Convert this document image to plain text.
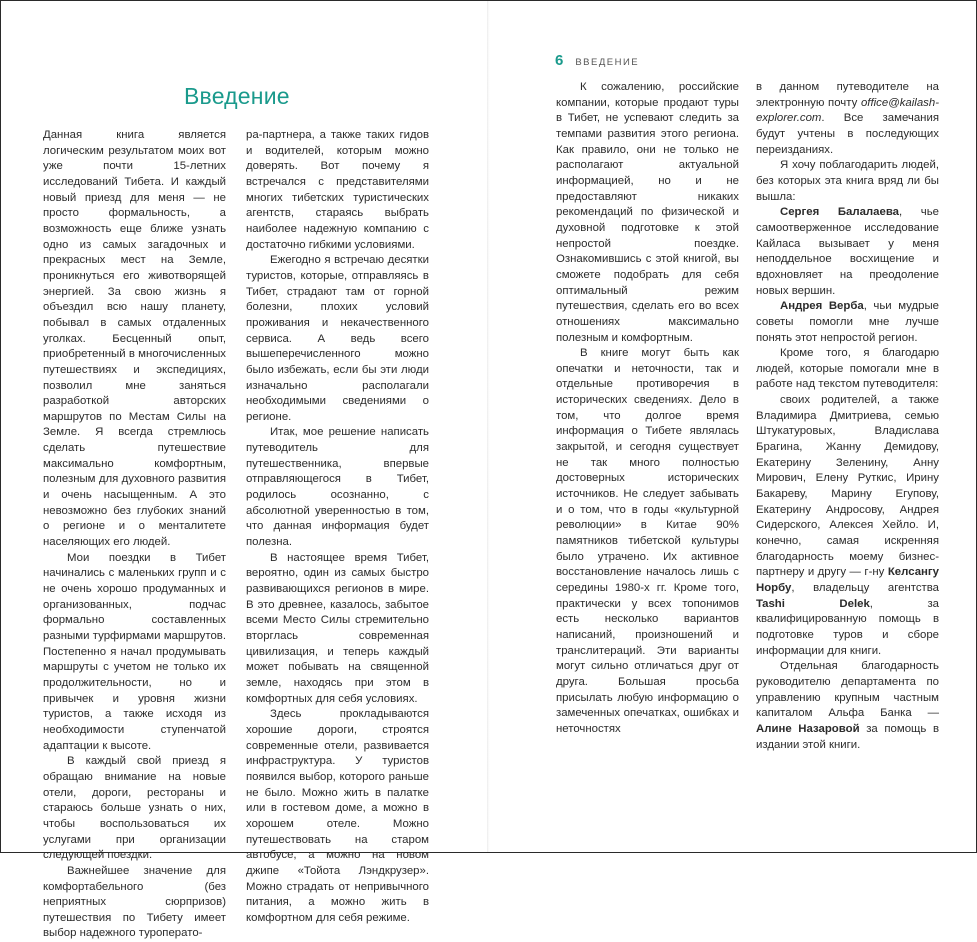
Введение

Данная книга является логическим результатом моих вот уже почти 15-летних исследований Тибета. И каждый новый приезд для меня — не просто формальность, а возможность еще ближе узнать одно из самых загадочных и прекрасных мест на Земле, проникнуться его животворящей энергией. За свою жизнь я объездил всю нашу планету, побывал в самых отдаленных уголках. Бесценный опыт, приобретенный в многочисленных путешествиях и экспедициях, позволил мне заняться разработкой авторских маршрутов по Местам Силы на Земле. Я всегда стремлюсь сделать путешествие максимально комфортным, полезным для духовного развития и очень насыщенным. А это невозможно без глубоких знаний о регионе и о менталитете населяющих его людей.

Мои поездки в Тибет начинались с маленьких групп и с не очень хорошо продуманных и организованных, подчас формально составленных разными турфирмами маршрутов. Постепенно я начал продумывать маршруты с учетом не только их продолжительности, но и привычек и уровня жизни туристов, а также исходя из необходимости ступенчатой адаптации к высоте.

В каждый свой приезд я обращаю внимание на новые отели, дороги, рестораны и стараюсь больше узнать о них, чтобы воспользоваться их услугами при организации следующей поездки.

Важнейшее значение для комфортабельного (без неприятных сюрпризов) путешествия по Тибету имеет выбор надежного туроперато-

ра-партнера, а также таких гидов и водителей, которым можно доверять. Вот почему я встречался с представителями многих тибетских туристических агентств, стараясь выбрать наиболее надежную компанию с достаточно гибкими условиями.

Ежегодно я встречаю десятки туристов, которые, отправляясь в Тибет, страдают там от горной болезни, плохих условий проживания и некачественного сервиса. А ведь всего вышеперечисленного можно было избежать, если бы эти люди изначально располагали необходимыми сведениями о регионе.

Итак, мое решение написать путеводитель для путешественника, впервые отправляющегося в Тибет, родилось осознанно, с абсолютной уверенностью в том, что данная информация будет полезна.

В настоящее время Тибет, вероятно, один из самых быстро развивающихся регионов в мире. В это древнее, казалось, забытое всеми Место Силы стремительно вторглась современная цивилизация, и теперь каждый может побывать на священной земле, находясь при этом в комфортных для себя условиях.

Здесь прокладываются хорошие дороги, строятся современные отели, развивается инфраструктура. У туристов появился выбор, которого раньше не было. Можно жить в палатке или в гостевом доме, а можно в хорошем отеле. Можно путешествовать на старом автобусе, а можно на новом джипе «Тойота Лэндкрузер». Можно страдать от непривычного питания, а можно жить в комфортном для себя режиме.

6 ВВЕДЕНИЕ

К сожалению, российские компании, которые продают туры в Тибет, не успевают следить за темпами развития этого региона. Как правило, они не только не располагают актуальной информацией, но и не предоставляют никаких рекомендаций по физической и духовной подготовке к этой непростой поездке. Ознакомившись с этой книгой, вы сможете подобрать для себя оптимальный режим путешествия, сделать его во всех отношениях максимально полезным и комфортным.

В книге могут быть как опечатки и неточности, так и отдельные противоречия в исторических сведениях. Дело в том, что долгое время информация о Тибете являлась закрытой, и сегодня существует не так много полностью достоверных исторических источников. Не следует забывать и о том, что в годы «культурной революции» в Китае 90% памятников тибетской культуры было утрачено. Их активное восстановление началось лишь с середины 1980-х гг. Кроме того, практически у всех топонимов есть несколько вариантов написаний, произношений и транслитераций. Эти варианты могут сильно отличаться друг от друга. Большая просьба присылать любую информацию о замеченных опечатках, ошибках и неточностях

в данном путеводителе на электронную почту office@kailash-explorer.com. Все замечания будут учтены в последующих переизданиях.

Я хочу поблагодарить людей, без которых эта книга вряд ли бы вышла:

Сергея Балалаева, чье самоотверженное исследование Кайласа вызывает у меня неподдельное восхищение и вдохновляет на преодоление новых вершин.

Андрея Верба, чьи мудрые советы помогли мне лучше понять этот непростой регион.

Кроме того, я благодарю людей, которые помогали мне в работе над текстом путеводителя:

своих родителей, а также Владимира Дмитриева, семью Штукатуровых, Владислава Брагина, Жанну Демидову, Екатерину Зеленину, Анну Мирович, Елену Руткис, Ирину Бакареву, Марину Егупову, Екатерину Андросову, Андрея Сидерского, Алексея Хейло. И, конечно, самая искренняя благодарность моему бизнес-партнеру и другу — г-ну Келсангу Норбу, владельцу агентства Tashi Delek, за квалифицированную помощь в подготовке туров и сборе информации для книги.

Отдельная благодарность руководителю департамента по управлению крупным частным капиталом Альфа Банка — Алине Назаровой за помощь в издании этой книги.
